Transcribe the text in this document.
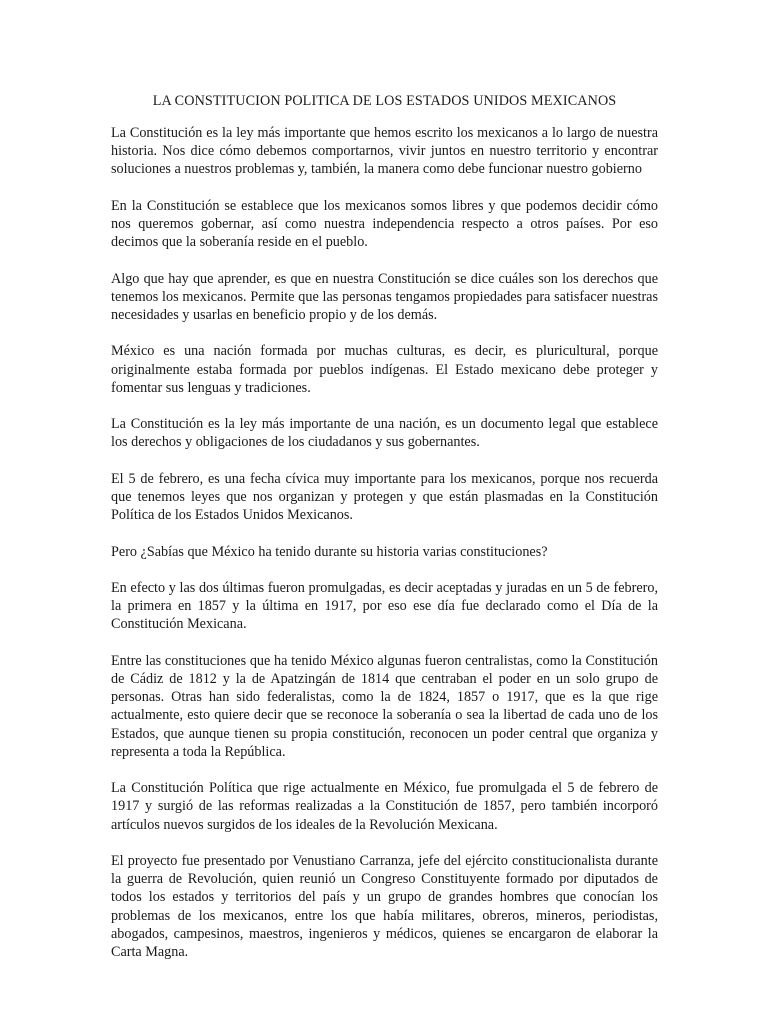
LA CONSTITUCION POLITICA DE LOS ESTADOS UNIDOS MEXICANOS

La Constitución es la ley más importante que hemos escrito los mexicanos a lo largo de nuestra historia. Nos dice cómo debemos comportarnos, vivir juntos en nuestro territorio y encontrar soluciones a nuestros problemas y, también, la manera como debe funcionar nuestro gobierno

En la Constitución se establece que los mexicanos somos libres y que podemos decidir cómo nos queremos gobernar, así como nuestra independencia respecto a otros países. Por eso decimos que la soberanía reside en el pueblo.

Algo que hay que aprender, es que en nuestra Constitución se dice cuáles son los derechos que tenemos los mexicanos. Permite que las personas tengamos propiedades para satisfacer nuestras necesidades y usarlas en beneficio propio y de los demás.

México es una nación formada por muchas culturas, es decir, es pluricultural, porque originalmente estaba formada por pueblos indígenas. El Estado mexicano debe proteger y fomentar sus lenguas y tradiciones.

La Constitución es la ley más importante de una nación, es un documento legal que establece los derechos y obligaciones de los ciudadanos y sus gobernantes.

El 5 de febrero, es una fecha cívica muy importante para los mexicanos, porque nos recuerda que tenemos leyes que nos organizan y protegen y que están plasmadas en la Constitución Política de los Estados Unidos Mexicanos.

Pero ¿Sabías que México ha tenido durante su historia varias constituciones?

En efecto y las dos últimas fueron promulgadas, es decir aceptadas y juradas en un 5 de febrero, la primera en 1857 y la última en 1917, por eso ese día fue declarado como el Día de la Constitución Mexicana.

Entre las constituciones que ha tenido México algunas fueron centralistas, como la Constitución de Cádiz de 1812 y la de Apatzingán de 1814 que centraban el poder en un solo grupo de personas. Otras han sido federalistas, como la de 1824, 1857 o 1917, que es la que rige actualmente, esto quiere decir que se reconoce la soberanía o sea la libertad de cada uno de los Estados, que aunque tienen su propia constitución, reconocen un poder central que organiza y representa a toda la República.

La Constitución Política que rige actualmente en México, fue promulgada el 5 de febrero de 1917 y surgió de las reformas realizadas a la Constitución de 1857, pero también incorporó artículos nuevos surgidos de los ideales de la Revolución Mexicana.

El proyecto fue presentado por Venustiano Carranza, jefe del ejército constitucionalista durante la guerra de Revolución, quien reunió un Congreso Constituyente formado por diputados de todos los estados y territorios del país y un grupo de grandes hombres que conocían los problemas de los mexicanos, entre los que había militares, obreros, mineros, periodistas, abogados, campesinos, maestros, ingenieros y médicos, quienes se encargaron de elaborar la Carta Magna.
